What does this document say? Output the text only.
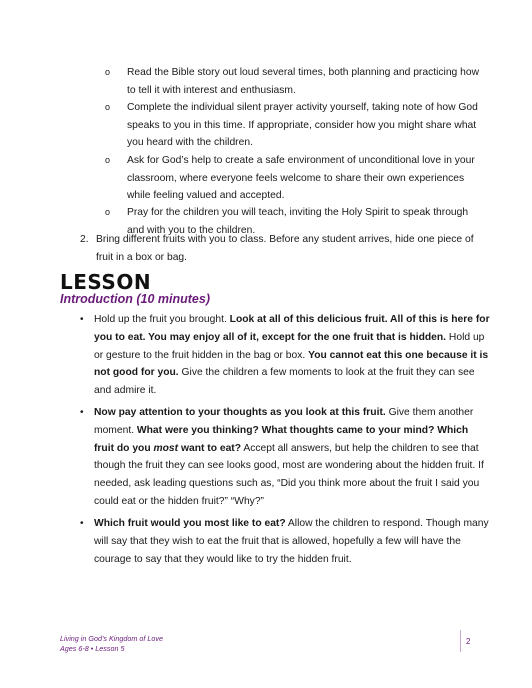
o Read the Bible story out loud several times, both planning and practicing how to tell it with interest and enthusiasm.
o Complete the individual silent prayer activity yourself, taking note of how God speaks to you in this time. If appropriate, consider how you might share what you heard with the children.
o Ask for God’s help to create a safe environment of unconditional love in your classroom, where everyone feels welcome to share their own experiences while feeling valued and accepted.
o Pray for the children you will teach, inviting the Holy Spirit to speak through and with you to the children.
2. Bring different fruits with you to class. Before any student arrives, hide one piece of fruit in a box or bag.
LESSON
Introduction (10 minutes)
• Hold up the fruit you brought. Look at all of this delicious fruit. All of this is here for you to eat. You may enjoy all of it, except for the one fruit that is hidden. Hold up or gesture to the fruit hidden in the bag or box. You cannot eat this one because it is not good for you. Give the children a few moments to look at the fruit they can see and admire it.
• Now pay attention to your thoughts as you look at this fruit. Give them another moment. What were you thinking? What thoughts came to your mind? Which fruit do you most want to eat? Accept all answers, but help the children to see that though the fruit they can see looks good, most are wondering about the hidden fruit. If needed, ask leading questions such as, “Did you think more about the fruit I said you could eat or the hidden fruit?” “Why?”
• Which fruit would you most like to eat? Allow the children to respond. Though many will say that they wish to eat the fruit that is allowed, hopefully a few will have the courage to say that they would like to try the hidden fruit.
Living in God’s Kingdom of Love
Ages 6-8 • Lesson 5
2
